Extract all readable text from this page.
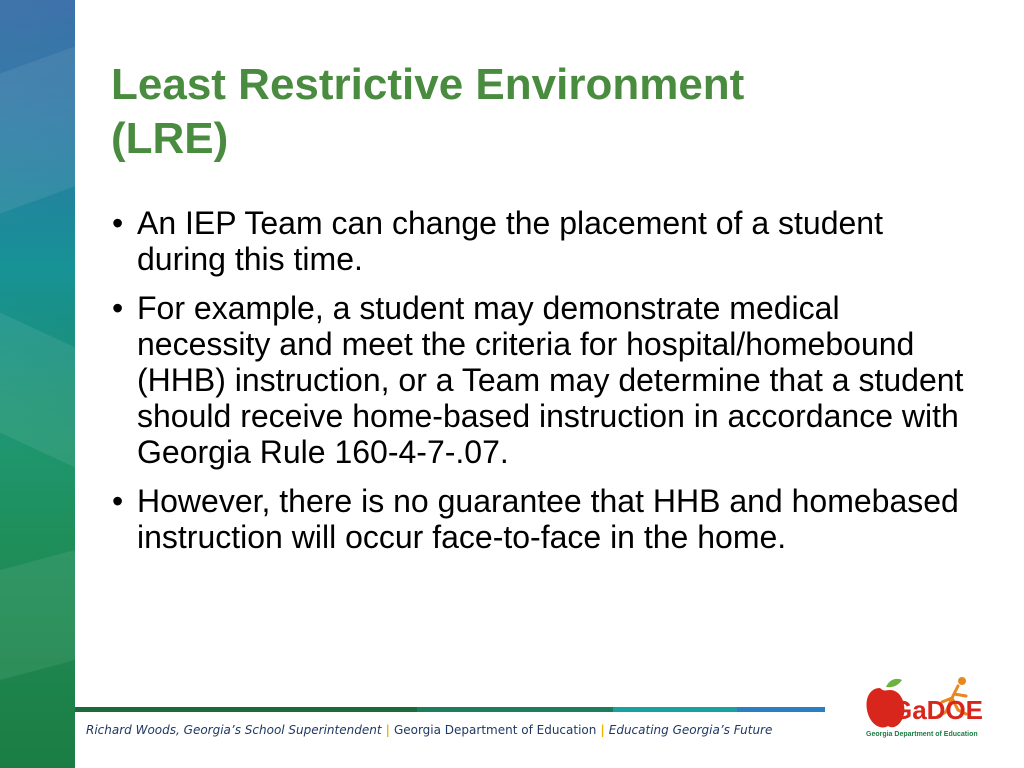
Least Restrictive Environment
(LRE)
• An IEP Team can change the placement of a student during this time.
• For example, a student may demonstrate medical necessity and meet the criteria for hospital/homebound (HHB) instruction, or a Team may determine that a student should receive home-based instruction in accordance with Georgia Rule 160-4-7-.07.
• However, there is no guarantee that HHB and homebased instruction will occur face-to-face in the home.
Richard Woods, Georgia’s School Superintendent | Georgia Department of Education | Educating Georgia’s Future
GaDOE
Georgia Department of Education
